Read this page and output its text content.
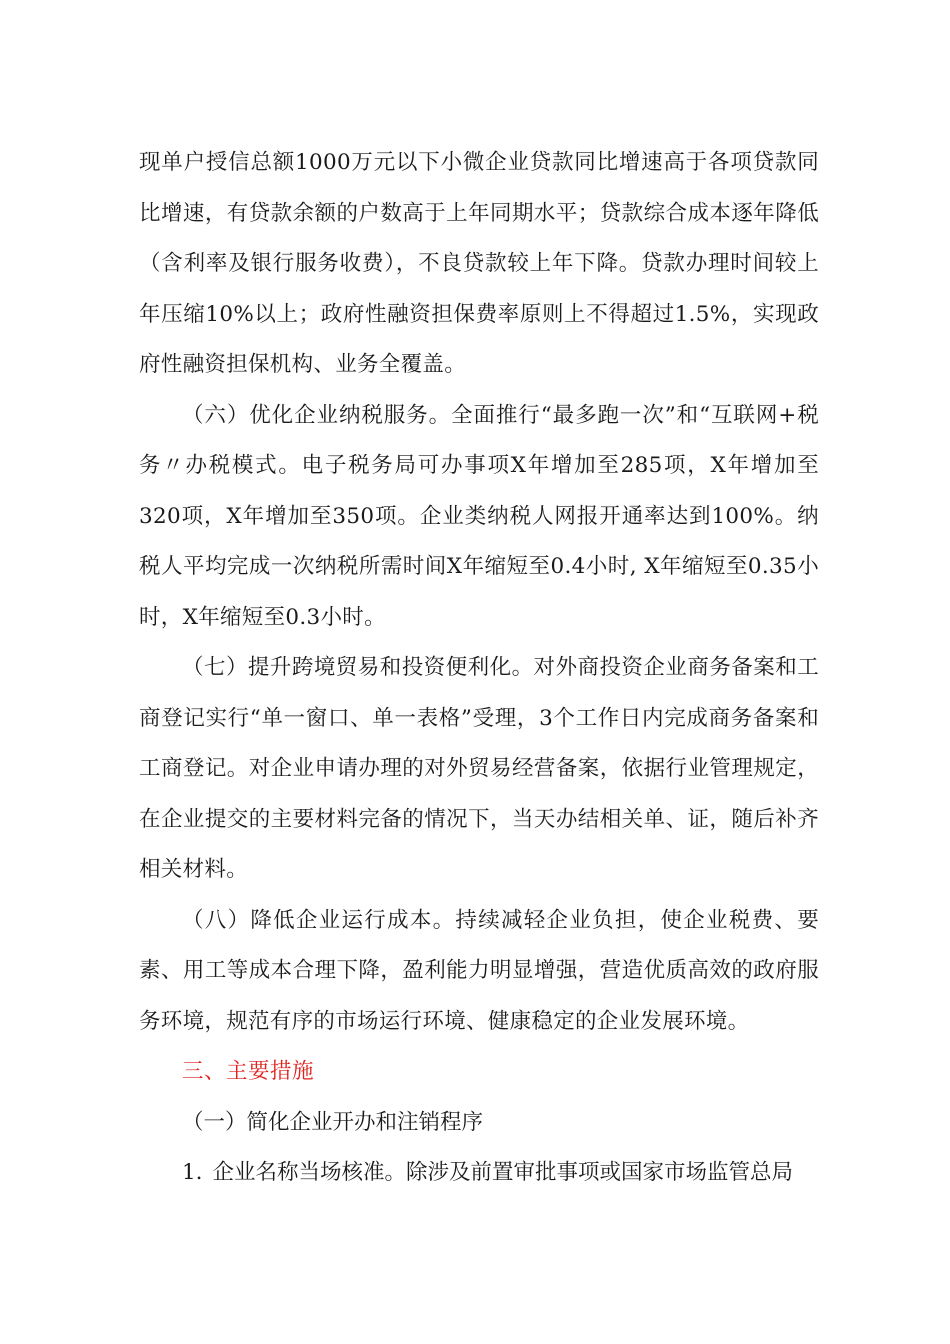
现单户授信总额1000万元以下小微企业贷款同比增速高于各项贷款同比增速，有贷款余额的户数高于上年同期水平；贷款综合成本逐年降低（含利率及银行服务收费），不良贷款较上年下降。贷款办理时间较上年压缩10%以上；政府性融资担保费率原则上不得超过1.5%，实现政府性融资担保机构、业务全覆盖。

（六）优化企业纳税服务。全面推行“最多跑一次”和“互联网+税务〃办税模式。电子税务局可办事项X年增加至285项，X年增加至320项，X年增加至350项。企业类纳税人网报开通率达到100%。纳税人平均完成一次纳税所需时间X年缩短至0.4小时, X年缩短至0.35小时，X年缩短至0.3小时。

（七）提升跨境贸易和投资便利化。对外商投资企业商务备案和工商登记实行“单一窗口、单一表格”受理，3个工作日内完成商务备案和工商登记。对企业申请办理的对外贸易经营备案，依据行业管理规定，在企业提交的主要材料完备的情况下，当天办结相关单、证，随后补齐相关材料。

（八）降低企业运行成本。持续减轻企业负担，使企业税费、要素、用工等成本合理下降，盈利能力明显增强，营造优质高效的政府服务环境，规范有序的市场运行环境、健康稳定的企业发展环境。

三、主要措施

（一）简化企业开办和注销程序

1. 企业名称当场核准。除涉及前置审批事项或国家市场监管总局
